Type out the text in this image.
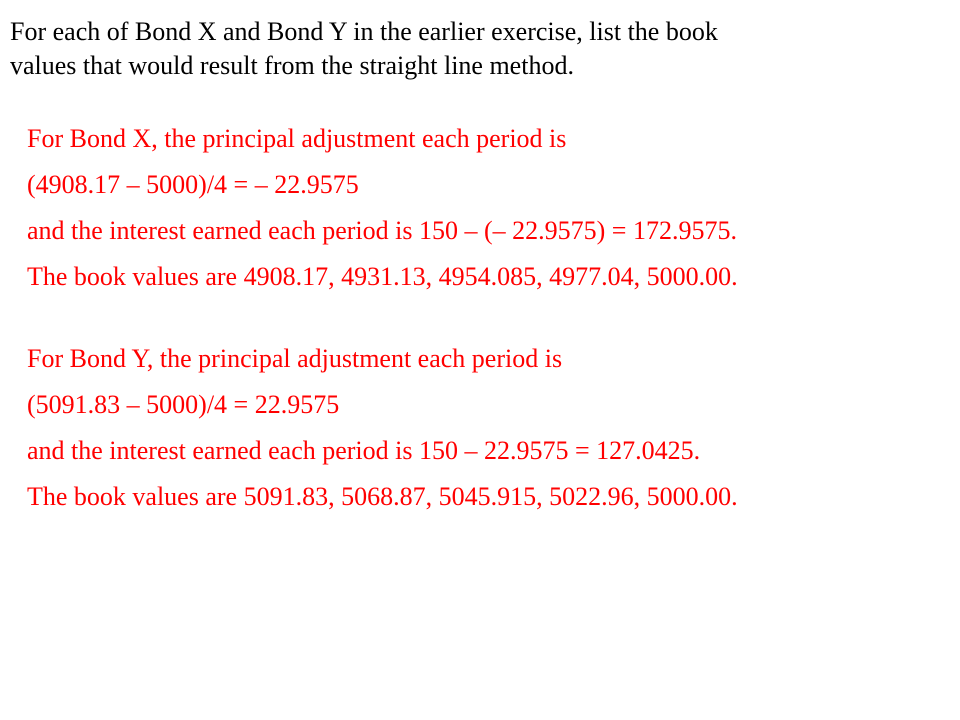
For each of Bond X and Bond Y in the earlier exercise, list the book
values that would result from the straight line method.
For Bond X, the principal adjustment each period is
(4908.17 – 5000)/4 = – 22.9575
and the interest earned each period is 150 – (– 22.9575) = 172.9575.
The book values are 4908.17, 4931.13, 4954.085, 4977.04, 5000.00.
For Bond Y, the principal adjustment each period is
(5091.83 – 5000)/4 = 22.9575
and the interest earned each period is 150 – 22.9575 = 127.0425.
The book values are 5091.83, 5068.87, 5045.915, 5022.96, 5000.00.
